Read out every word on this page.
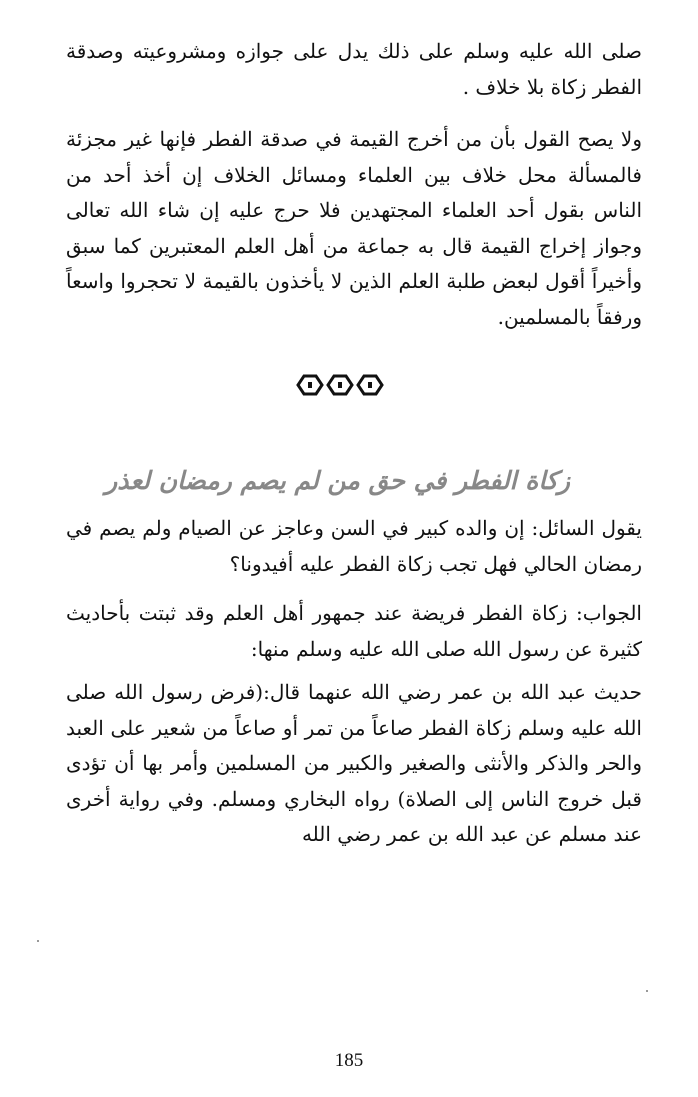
صلى الله عليه وسلم على ذلك يدل على جوازه ومشروعيته وصدقة الفطر زكاة بلا خلاف .

ولا يصح القول بأن من أخرج القيمة في صدقة الفطر فإنها غير مجزئة فالمسألة محل خلاف بين العلماء ومسائل الخلاف إن أخذ أحد من الناس بقول أحد العلماء المجتهدين فلا حرج عليه إن شاء الله تعالى وجواز إخراج القيمة قال به جماعة من أهل العلم المعتبرين كما سبق وأخيراً أقول لبعض طلبة العلم الذين لا يأخذون بالقيمة لا تحجروا واسعاً ورفقاً بالمسلمين.

زكاة الفطر في حق من لم يصم رمضان لعذر

يقول السائل: إن والده كبير في السن وعاجز عن الصيام ولم يصم في رمضان الحالي فهل تجب زكاة الفطر عليه أفيدونا؟

الجواب: زكاة الفطر فريضة عند جمهور أهل العلم وقد ثبتت بأحاديث كثيرة عن رسول الله صلى الله عليه وسلم منها:

حديث عبد الله بن عمر رضي الله عنهما قال:(فرض رسول الله صلى الله عليه وسلم زكاة الفطر صاعاً من تمر أو صاعاً من شعير على العبد والحر والذكر والأنثى والصغير والكبير من المسلمين وأمر بها أن تؤدى قبل خروج الناس إلى الصلاة) رواه البخاري ومسلم. وفي رواية أخرى عند مسلم عن عبد الله بن عمر رضي الله

185
